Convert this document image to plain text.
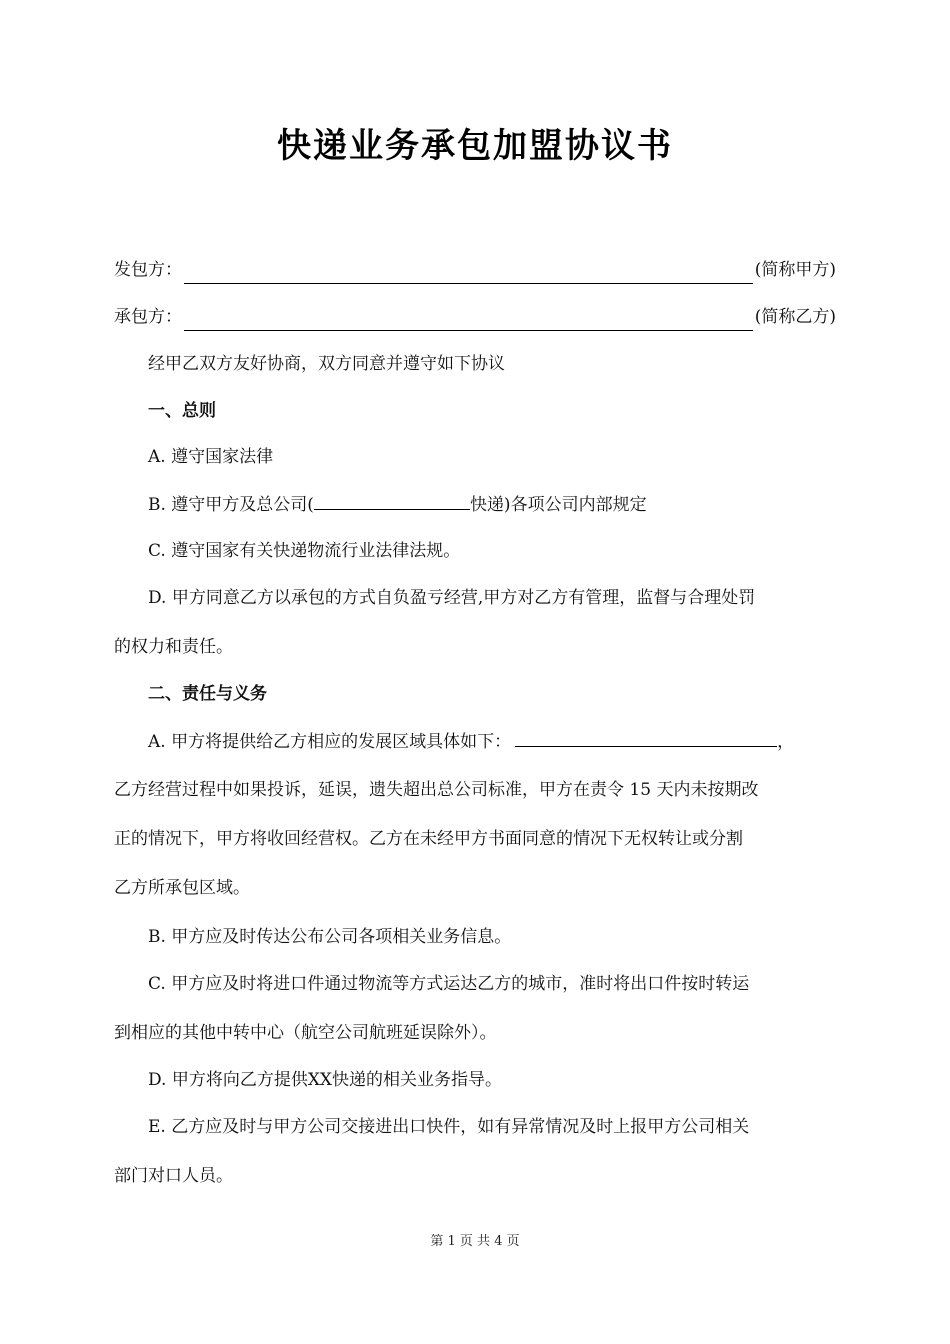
快递业务承包加盟协议书
发包方：	(简称甲方)
承包方：	(简称乙方)
经甲乙双方友好协商，双方同意并遵守如下协议
一、总则
A. 遵守国家法律
B. 遵守甲方及总公司(	快递)各项公司内部规定
C. 遵守国家有关快递物流行业法律法规。
D. 甲方同意乙方以承包的方式自负盈亏经营,甲方对乙方有管理，监督与合理处罚
的权力和责任。
二、责任与义务
A. 甲方将提供给乙方相应的发展区域具体如下：	，
乙方经营过程中如果投诉，延误，遗失超出总公司标准，甲方在责令 15 天内未按期改
正的情况下，甲方将收回经营权。乙方在未经甲方书面同意的情况下无权转让或分割
乙方所承包区域。
B. 甲方应及时传达公布公司各项相关业务信息。
C. 甲方应及时将进口件通过物流等方式运达乙方的城市，准时将出口件按时转运
到相应的其他中转中心（航空公司航班延误除外）。
D. 甲方将向乙方提供XX快递的相关业务指导。
E. 乙方应及时与甲方公司交接进出口快件，如有异常情况及时上报甲方公司相关
部门对口人员。
第 1 页 共 4 页
